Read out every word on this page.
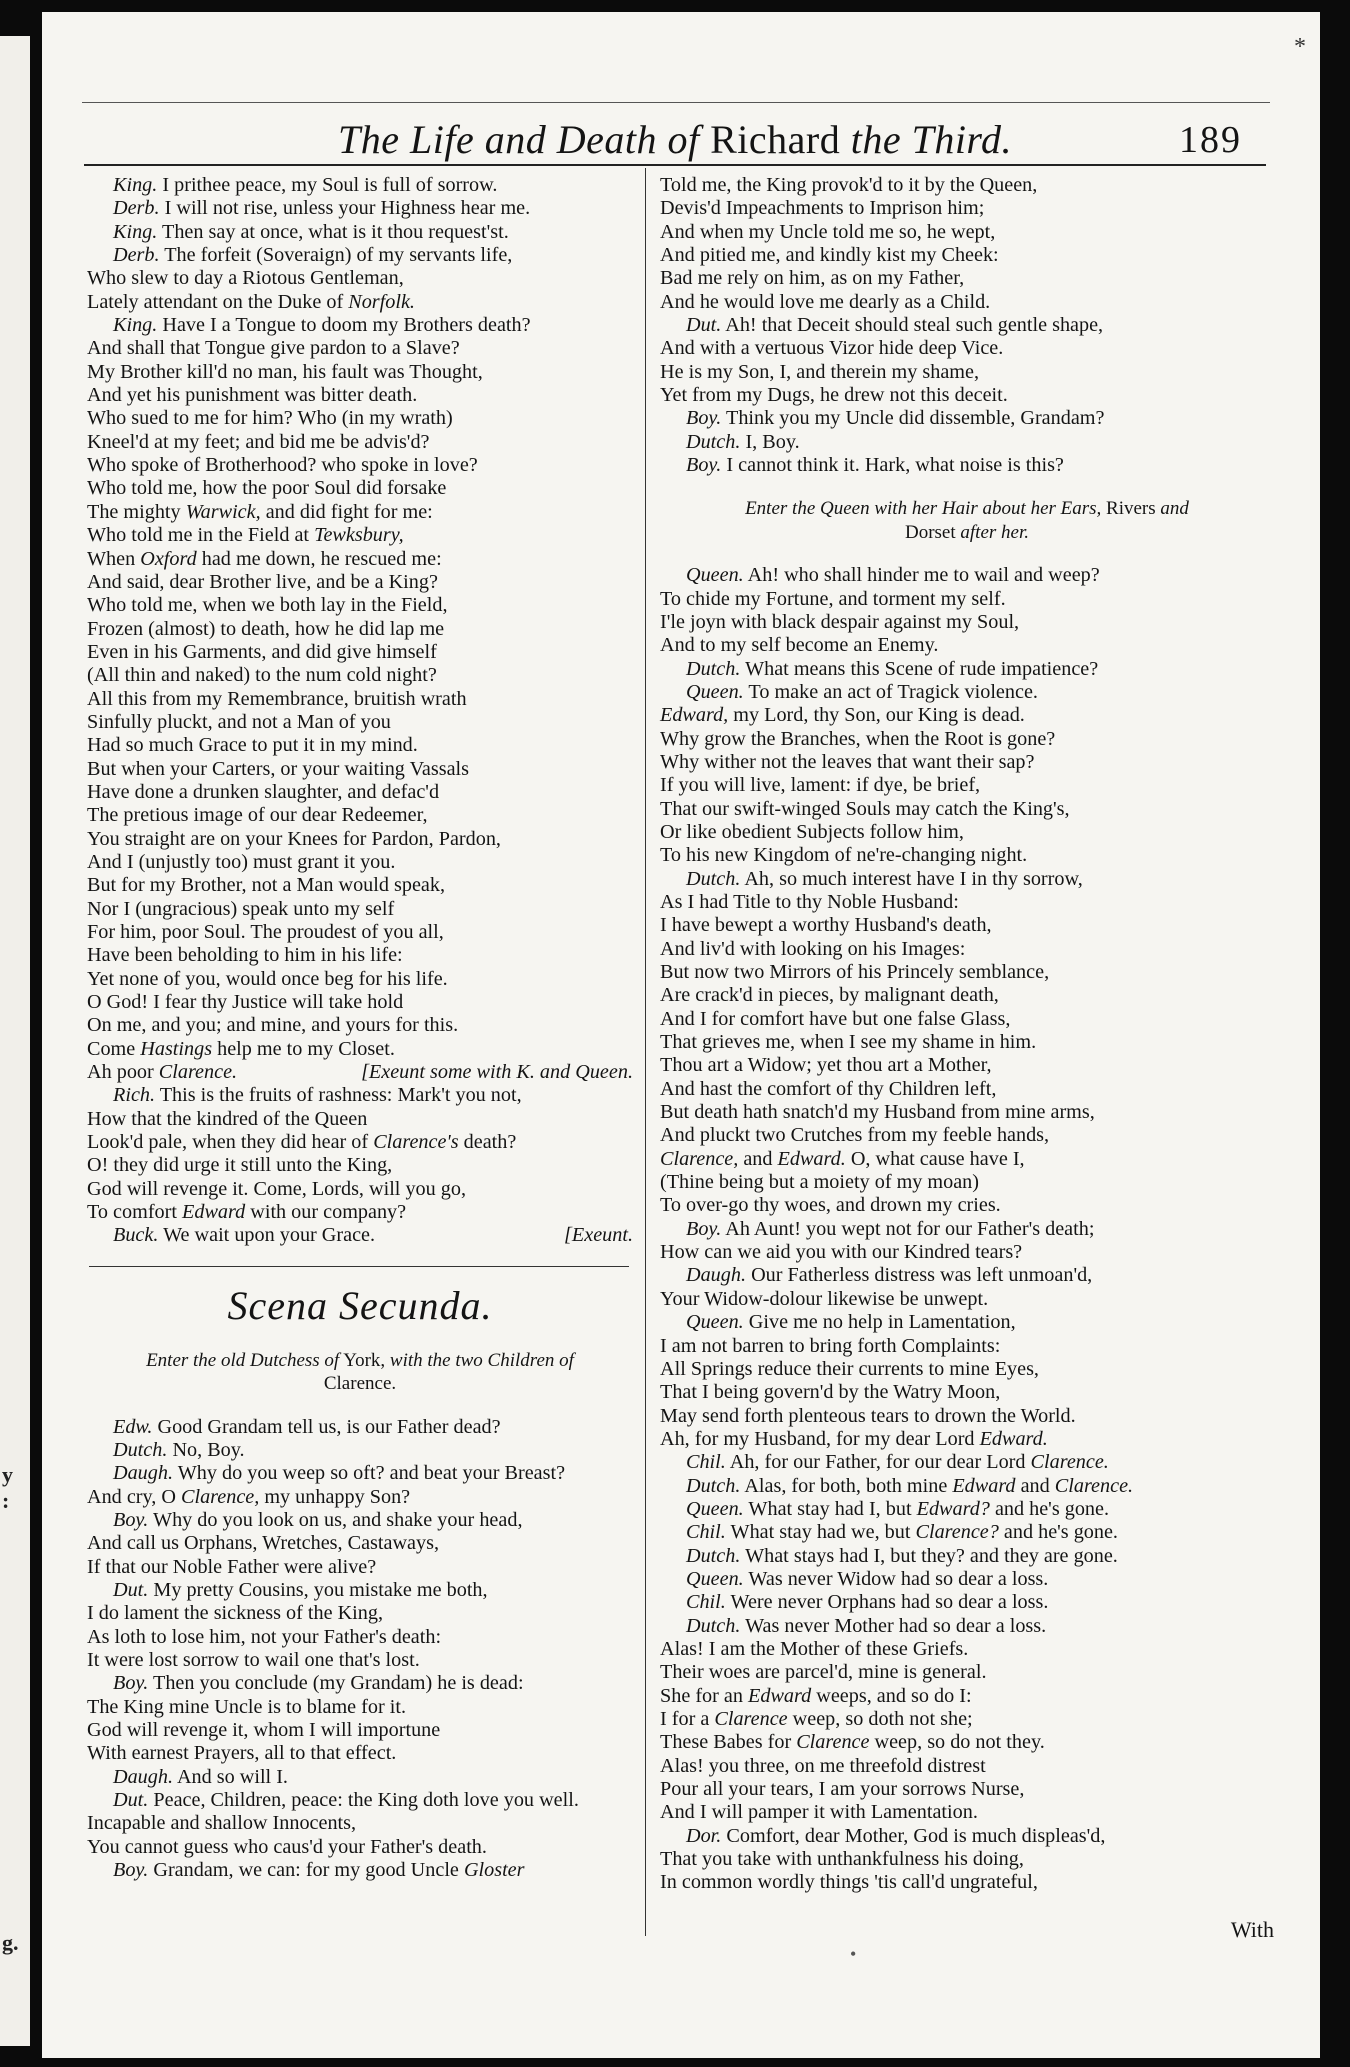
y
:
g.
*
The Life and Death of Richard the Third.	189
King. I prithee peace, my Soul is full of sorrow.
Derb. I will not rise, unless your Highness hear me.
King. Then say at once, what is it thou request'st.
Derb. The forfeit (Soveraign) of my servants life,
Who slew to day a Riotous Gentleman,
Lately attendant on the Duke of Norfolk.
King. Have I a Tongue to doom my Brothers death?
And shall that Tongue give pardon to a Slave?
My Brother kill'd no man, his fault was Thought,
And yet his punishment was bitter death.
Who sued to me for him? Who (in my wrath)
Kneel'd at my feet; and bid me be advis'd?
Who spoke of Brotherhood? who spoke in love?
Who told me, how the poor Soul did forsake
The mighty Warwick, and did fight for me:
Who told me in the Field at Tewksbury,
When Oxford had me down, he rescued me:
And said, dear Brother live, and be a King?
Who told me, when we both lay in the Field,
Frozen (almost) to death, how he did lap me
Even in his Garments, and did give himself
(All thin and naked) to the num cold night?
All this from my Remembrance, bruitish wrath
Sinfully pluckt, and not a Man of you
Had so much Grace to put it in my mind.
But when your Carters, or your waiting Vassals
Have done a drunken slaughter, and defac'd
The pretious image of our dear Redeemer,
You straight are on your Knees for Pardon, Pardon,
And I (unjustly too) must grant it you.
But for my Brother, not a Man would speak,
Nor I (ungracious) speak unto my self
For him, poor Soul. The proudest of you all,
Have been beholding to him in his life:
Yet none of you, would once beg for his life.
O God! I fear thy Justice will take hold
On me, and you; and mine, and yours for this.
Come Hastings help me to my Closet.
Ah poor Clarence.	[Exeunt some with K. and Queen.
Rich. This is the fruits of rashness: Mark't you not,
How that the kindred of the Queen
Look'd pale, when they did hear of Clarence's death?
O! they did urge it still unto the King,
God will revenge it. Come, Lords, will you go,
To comfort Edward with our company?
Buck. We wait upon your Grace.	[Exeunt.
Scena Secunda.
Enter the old Dutchess of York, with the two Children of
Clarence.
Edw. Good Grandam tell us, is our Father dead?
Dutch. No, Boy.
Daugh. Why do you weep so oft? and beat your Breast?
And cry, O Clarence, my unhappy Son?
Boy. Why do you look on us, and shake your head,
And call us Orphans, Wretches, Castaways,
If that our Noble Father were alive?
Dut. My pretty Cousins, you mistake me both,
I do lament the sickness of the King,
As loth to lose him, not your Father's death:
It were lost sorrow to wail one that's lost.
Boy. Then you conclude (my Grandam) he is dead:
The King mine Uncle is to blame for it.
God will revenge it, whom I will importune
With earnest Prayers, all to that effect.
Daugh. And so will I.
Dut. Peace, Children, peace: the King doth love you well.
Incapable and shallow Innocents,
You cannot guess who caus'd your Father's death.
Boy. Grandam, we can: for my good Uncle Gloster
Told me, the King provok'd to it by the Queen,
Devis'd Impeachments to Imprison him;
And when my Uncle told me so, he wept,
And pitied me, and kindly kist my Cheek:
Bad me rely on him, as on my Father,
And he would love me dearly as a Child.
Dut. Ah! that Deceit should steal such gentle shape,
And with a vertuous Vizor hide deep Vice.
He is my Son, I, and therein my shame,
Yet from my Dugs, he drew not this deceit.
Boy. Think you my Uncle did dissemble, Grandam?
Dutch. I, Boy.
Boy. I cannot think it. Hark, what noise is this?
Enter the Queen with her Hair about her Ears, Rivers and
Dorset after her.
Queen. Ah! who shall hinder me to wail and weep?
To chide my Fortune, and torment my self.
I'le joyn with black despair against my Soul,
And to my self become an Enemy.
Dutch. What means this Scene of rude impatience?
Queen. To make an act of Tragick violence.
Edward, my Lord, thy Son, our King is dead.
Why grow the Branches, when the Root is gone?
Why wither not the leaves that want their sap?
If you will live, lament: if dye, be brief,
That our swift-winged Souls may catch the King's,
Or like obedient Subjects follow him,
To his new Kingdom of ne're-changing night.
Dutch. Ah, so much interest have I in thy sorrow,
As I had Title to thy Noble Husband:
I have bewept a worthy Husband's death,
And liv'd with looking on his Images:
But now two Mirrors of his Princely semblance,
Are crack'd in pieces, by malignant death,
And I for comfort have but one false Glass,
That grieves me, when I see my shame in him.
Thou art a Widow; yet thou art a Mother,
And hast the comfort of thy Children left,
But death hath snatch'd my Husband from mine arms,
And pluckt two Crutches from my feeble hands,
Clarence, and Edward. O, what cause have I,
(Thine being but a moiety of my moan)
To over-go thy woes, and drown my cries.
Boy. Ah Aunt! you wept not for our Father's death;
How can we aid you with our Kindred tears?
Daugh. Our Fatherless distress was left unmoan'd,
Your Widow-dolour likewise be unwept.
Queen. Give me no help in Lamentation,
I am not barren to bring forth Complaints:
All Springs reduce their currents to mine Eyes,
That I being govern'd by the Watry Moon,
May send forth plenteous tears to drown the World.
Ah, for my Husband, for my dear Lord Edward.
Chil. Ah, for our Father, for our dear Lord Clarence.
Dutch. Alas, for both, both mine Edward and Clarence.
Queen. What stay had I, but Edward? and he's gone.
Chil. What stay had we, but Clarence? and he's gone.
Dutch. What stays had I, but they? and they are gone.
Queen. Was never Widow had so dear a loss.
Chil. Were never Orphans had so dear a loss.
Dutch. Was never Mother had so dear a loss.
Alas! I am the Mother of these Griefs.
Their woes are parcel'd, mine is general.
She for an Edward weeps, and so do I:
I for a Clarence weep, so doth not she;
These Babes for Clarence weep, so do not they.
Alas! you three, on me threefold distrest
Pour all your tears, I am your sorrows Nurse,
And I will pamper it with Lamentation.
Dor. Comfort, dear Mother, God is much displeas'd,
That you take with unthankfulness his doing,
In common wordly things 'tis call'd ungrateful,
With
•
